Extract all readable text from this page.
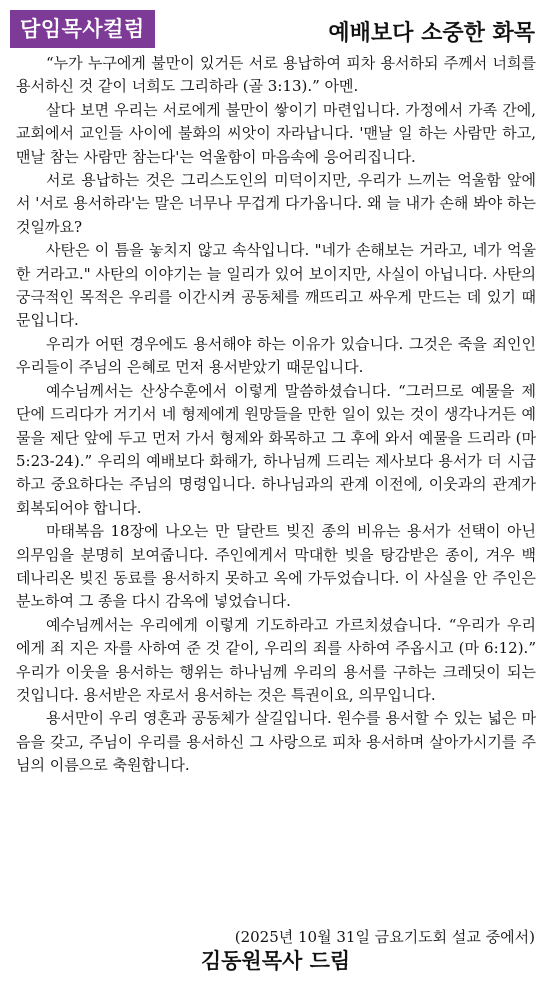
담임목사컬럼	예배보다 소중한 화목

“누가 누구에게 불만이 있거든 서로 용납하여 피차 용서하되 주께서 너희를 용서하신 것 같이 너희도 그리하라 (골 3:13).” 아멘.

살다 보면 우리는 서로에게 불만이 쌓이기 마련입니다. 가정에서 가족 간에, 교회에서 교인들 사이에 불화의 씨앗이 자라납니다. '맨날 일 하는 사람만 하고, 맨날 참는 사람만 참는다'는 억울함이 마음속에 응어리집니다.

서로 용납하는 것은 그리스도인의 미덕이지만, 우리가 느끼는 억울함 앞에서 '서로 용서하라'는 말은 너무나 무겁게 다가옵니다. 왜 늘 내가 손해 봐야 하는 것일까요?

사탄은 이 틈을 놓치지 않고 속삭입니다. "네가 손해보는 거라고, 네가 억울한 거라고." 사탄의 이야기는 늘 일리가 있어 보이지만, 사실이 아닙니다. 사탄의 궁극적인 목적은 우리를 이간시켜 공동체를 깨뜨리고 싸우게 만드는 데 있기 때문입니다.

우리가 어떤 경우에도 용서해야 하는 이유가 있습니다. 그것은 죽을 죄인인 우리들이 주님의 은혜로 먼저 용서받았기 때문입니다.

예수님께서는 산상수훈에서 이렇게 말씀하셨습니다. “그러므로 예물을 제단에 드리다가 거기서 네 형제에게 원망들을 만한 일이 있는 것이 생각나거든 예물을 제단 앞에 두고 먼저 가서 형제와 화목하고 그 후에 와서 예물을 드리라 (마 5:23-24).” 우리의 예배보다 화해가, 하나님께 드리는 제사보다 용서가 더 시급하고 중요하다는 주님의 명령입니다. 하나님과의 관계 이전에, 이웃과의 관계가 회복되어야 합니다.

마태복음 18장에 나오는 만 달란트 빚진 종의 비유는 용서가 선택이 아닌 의무임을 분명히 보여줍니다. 주인에게서 막대한 빚을 탕감받은 종이, 겨우 백 데나리온 빚진 동료를 용서하지 못하고 옥에 가두었습니다. 이 사실을 안 주인은 분노하여 그 종을 다시 감옥에 넣었습니다.

예수님께서는 우리에게 이렇게 기도하라고 가르치셨습니다. “우리가 우리에게 죄 지은 자를 사하여 준 것 같이, 우리의 죄를 사하여 주옵시고 (마 6:12).” 우리가 이웃을 용서하는 행위는 하나님께 우리의 용서를 구하는 크레딧이 되는 것입니다. 용서받은 자로서 용서하는 것은 특권이요, 의무입니다.

용서만이 우리 영혼과 공동체가 살길입니다. 원수를 용서할 수 있는 넓은 마음을 갖고, 주님이 우리를 용서하신 그 사랑으로 피차 용서하며 살아가시기를 주님의 이름으로 축원합니다.

(2025년 10월 31일 금요기도회 설교 중에서)
김동원목사 드림
